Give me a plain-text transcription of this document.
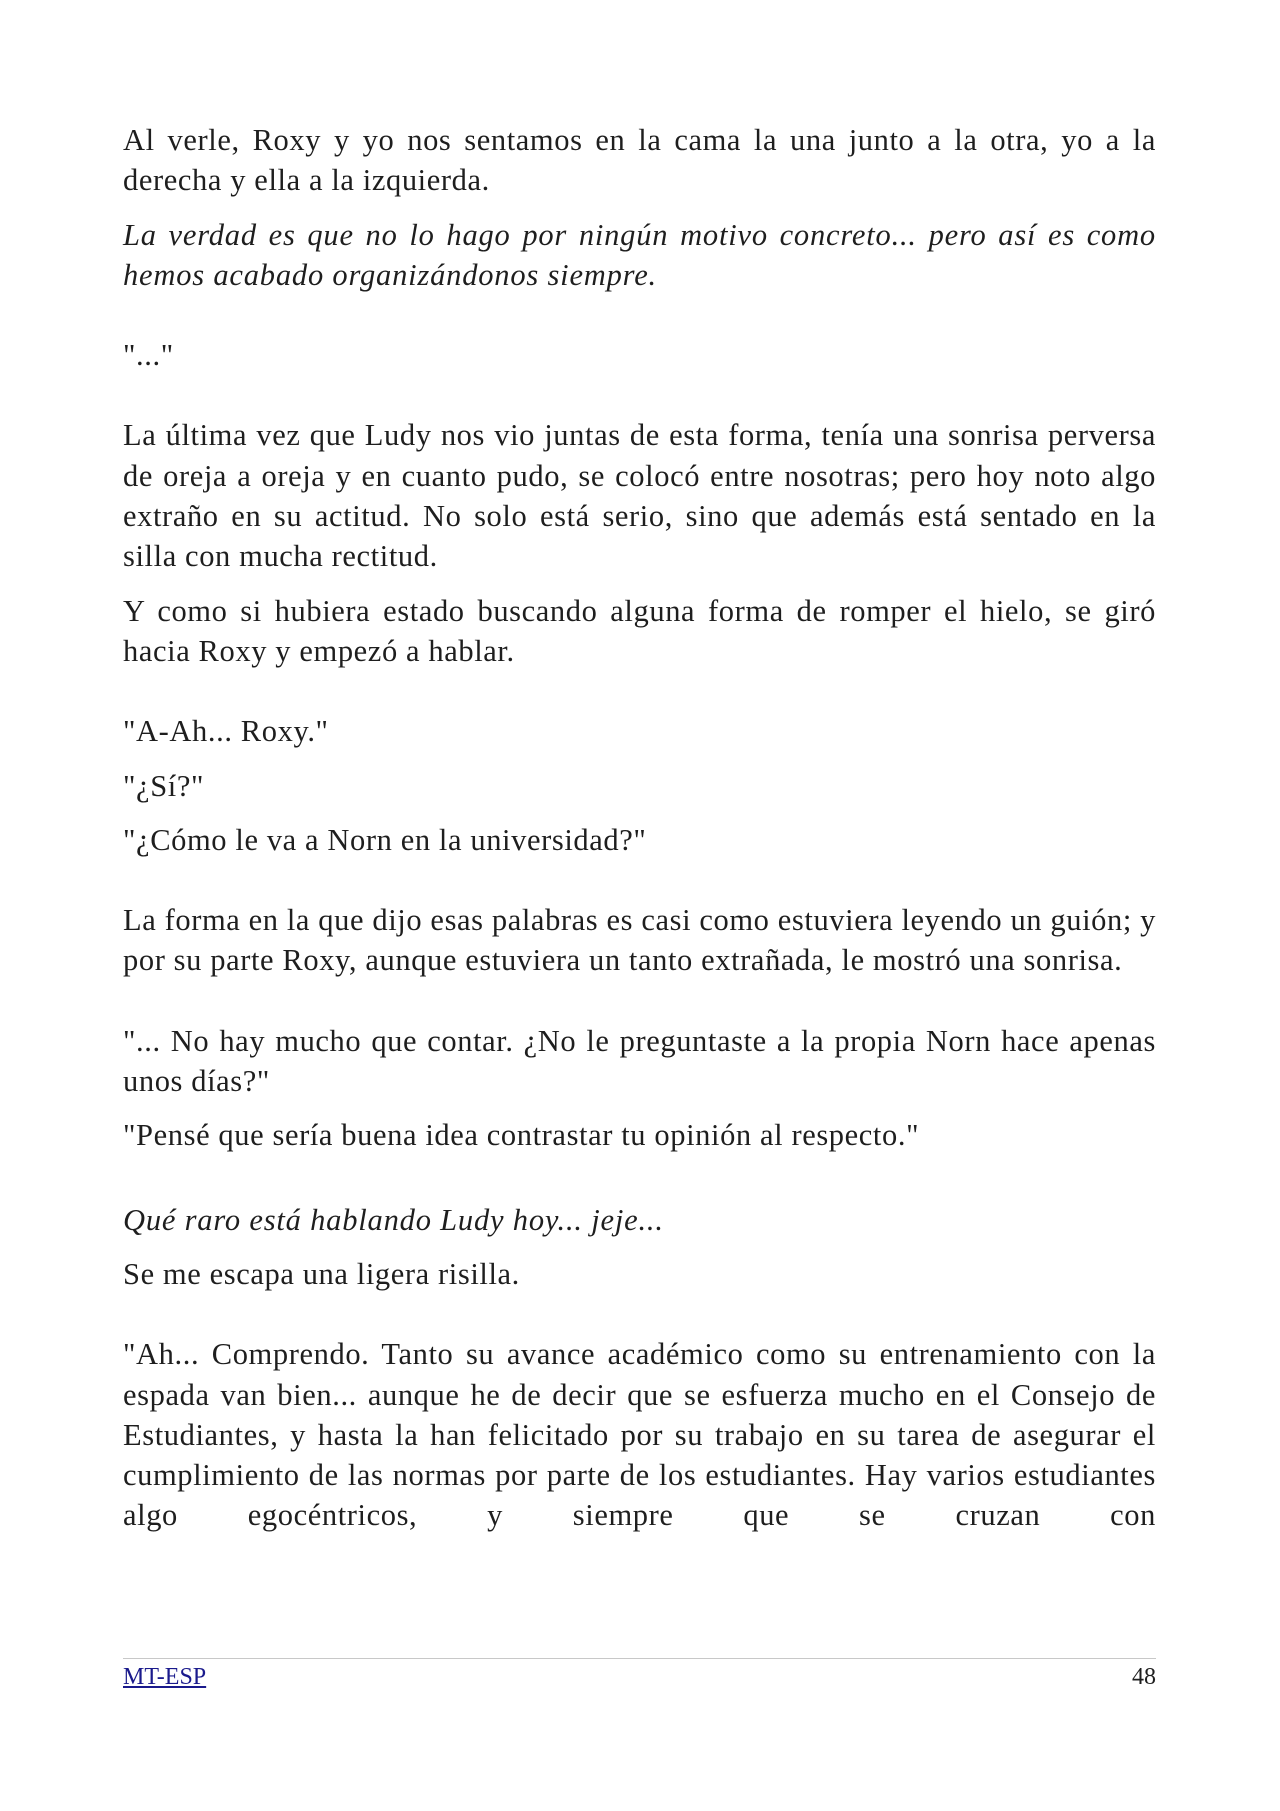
Al verle, Roxy y yo nos sentamos en la cama la una junto a la otra, yo a la derecha y ella a la izquierda.

La verdad es que no lo hago por ningún motivo concreto... pero así es como hemos acabado organizándonos siempre.

"..."

La última vez que Ludy nos vio juntas de esta forma, tenía una sonrisa perversa de oreja a oreja y en cuanto pudo, se colocó entre nosotras; pero hoy noto algo extraño en su actitud. No solo está serio, sino que además está sentado en la silla con mucha rectitud.

Y como si hubiera estado buscando alguna forma de romper el hielo, se giró hacia Roxy y empezó a hablar.

"A-Ah... Roxy."

"¿Sí?"

"¿Cómo le va a Norn en la universidad?"

La forma en la que dijo esas palabras es casi como estuviera leyendo un guión; y por su parte Roxy, aunque estuviera un tanto extrañada, le mostró una sonrisa.

"... No hay mucho que contar. ¿No le preguntaste a la propia Norn hace apenas unos días?"

"Pensé que sería buena idea contrastar tu opinión al respecto."

Qué raro está hablando Ludy hoy... jeje...

Se me escapa una ligera risilla.

"Ah... Comprendo. Tanto su avance académico como su entrenamiento con la espada van bien... aunque he de decir que se esfuerza mucho en el Consejo de Estudiantes, y hasta la han felicitado por su trabajo en su tarea de asegurar el cumplimiento de las normas por parte de los estudiantes. Hay varios estudiantes algo egocéntricos, y siempre que se cruzan con

MT-ESP	48
